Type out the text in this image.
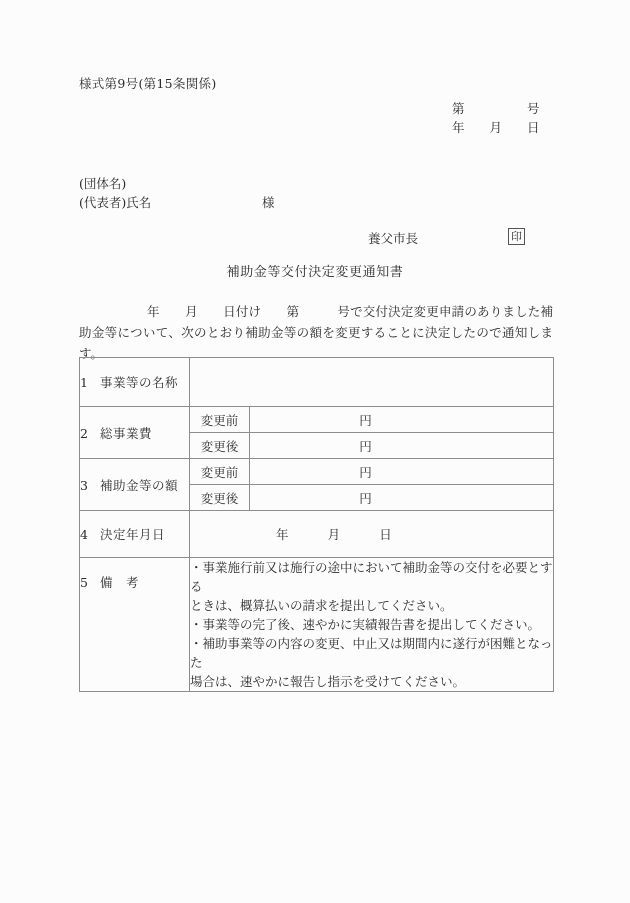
様式第9号(第15条関係)
第　　　　　号
年　　月　　日
(団体名)
(代表者)氏名	様
養父市長	印
補助金等交付決定変更通知書
年　　月　　日付け　　第　　　号で交付決定変更申請のありました補助金等について、次のとおり補助金等の額を変更することに決定したので通知します。
1 事業等の名称		
2 総事業費	変更前	円

	変更後	円

3 補助金等の額	変更前	円

	変更後	円

4 決定年月日	年　　　月　　　日	

5 備　考	・事業施行前又は施行の途中において補助金等の交付を必要とする
ときは、概算払いの請求を提出してください。
・事業等の完了後、速やかに実績報告書を提出してください。
・補助事業等の内容の変更、中止又は期間内に遂行が困難となった
場合は、速やかに報告し指示を受けてください。	
